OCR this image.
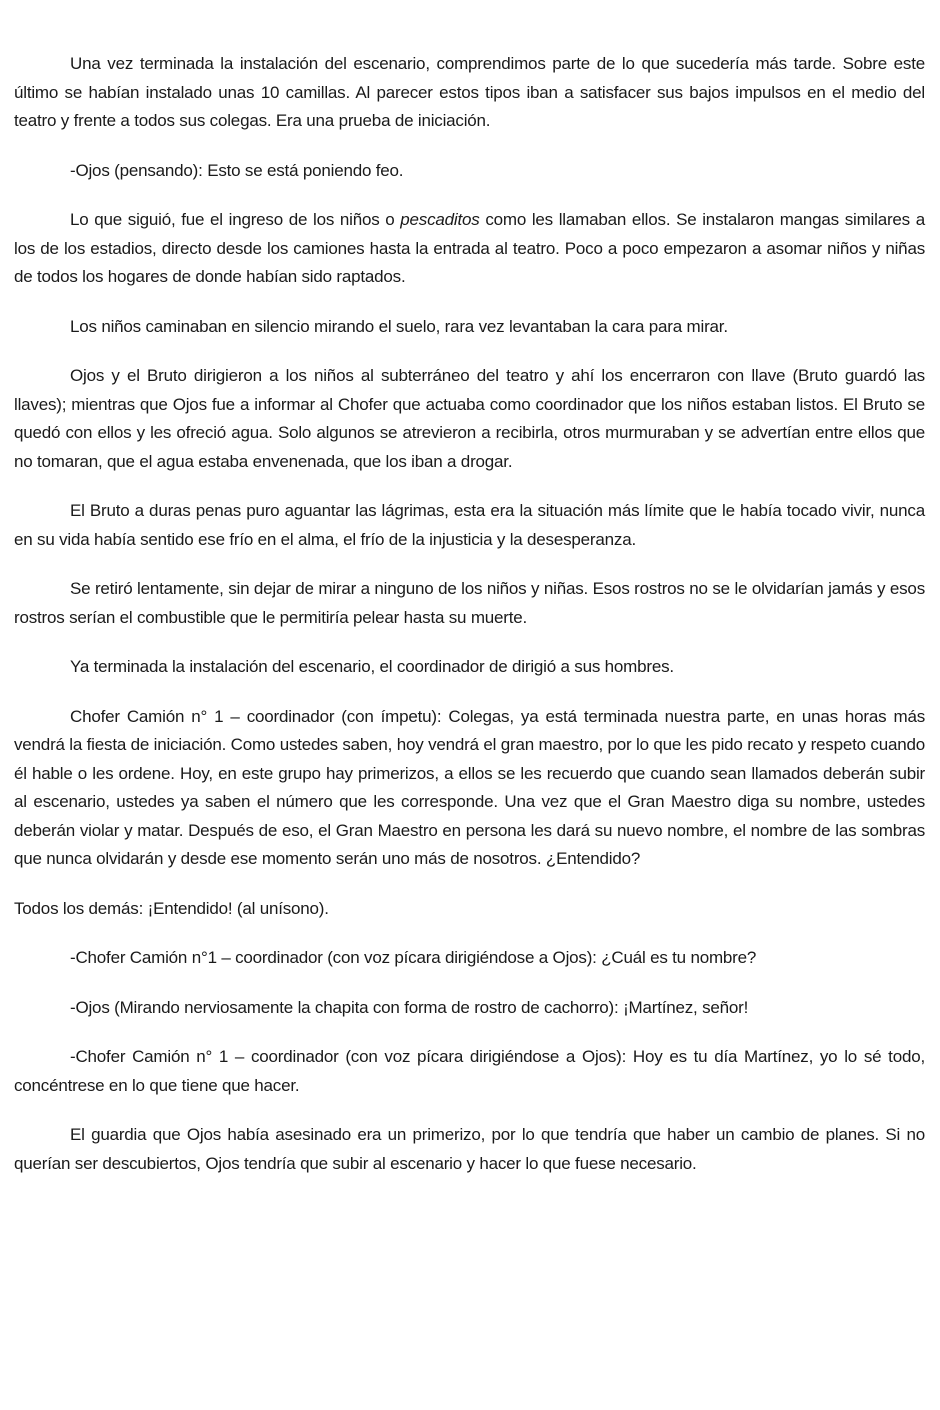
Una vez terminada la instalación del escenario, comprendimos parte de lo que sucedería más tarde. Sobre este último se habían instalado unas 10 camillas. Al parecer estos tipos iban a satisfacer sus bajos impulsos en el medio del teatro y frente a todos sus colegas. Era una prueba de iniciación.

-Ojos (pensando): Esto se está poniendo feo.

Lo que siguió, fue el ingreso de los niños o pescaditos como les llamaban ellos. Se instalaron mangas similares a los de los estadios, directo desde los camiones hasta la entrada al teatro. Poco a poco empezaron a asomar niños y niñas de todos los hogares de donde habían sido raptados.

Los niños caminaban en silencio mirando el suelo, rara vez levantaban la cara para mirar.

Ojos y el Bruto dirigieron a los niños al subterráneo del teatro y ahí los encerraron con llave (Bruto guardó las llaves); mientras que Ojos fue a informar al Chofer que actuaba como coordinador que los niños estaban listos. El Bruto se quedó con ellos y les ofreció agua. Solo algunos se atrevieron a recibirla, otros murmuraban y se advertían entre ellos que no tomaran, que el agua estaba envenenada, que los iban a drogar.

El Bruto a duras penas puro aguantar las lágrimas, esta era la situación más límite que le había tocado vivir, nunca en su vida había sentido ese frío en el alma, el frío de la injusticia y la desesperanza.

Se retiró lentamente, sin dejar de mirar a ninguno de los niños y niñas. Esos rostros no se le olvidarían jamás y esos rostros serían el combustible que le permitiría pelear hasta su muerte.

Ya terminada la instalación del escenario, el coordinador de dirigió a sus hombres.

Chofer Camión n° 1 – coordinador (con ímpetu): Colegas, ya está terminada nuestra parte, en unas horas más vendrá la fiesta de iniciación. Como ustedes saben, hoy vendrá el gran maestro, por lo que les pido recato y respeto cuando él hable o les ordene. Hoy, en este grupo hay primerizos, a ellos se les recuerdo que cuando sean llamados deberán subir al escenario, ustedes ya saben el número que les corresponde. Una vez que el Gran Maestro diga su nombre, ustedes deberán violar y matar. Después de eso, el Gran Maestro en persona les dará su nuevo nombre, el nombre de las sombras que nunca olvidarán y desde ese momento serán uno más de nosotros. ¿Entendido?

Todos los demás: ¡Entendido! (al unísono).

-Chofer Camión n°1 – coordinador (con voz pícara dirigiéndose a Ojos): ¿Cuál es tu nombre?

-Ojos (Mirando nerviosamente la chapita con forma de rostro de cachorro): ¡Martínez, señor!

-Chofer Camión n° 1 – coordinador (con voz pícara dirigiéndose a Ojos): Hoy es tu día Martínez, yo lo sé todo, concéntrese en lo que tiene que hacer.

El guardia que Ojos había asesinado era un primerizo, por lo que tendría que haber un cambio de planes. Si no querían ser descubiertos, Ojos tendría que subir al escenario y hacer lo que fuese necesario.
